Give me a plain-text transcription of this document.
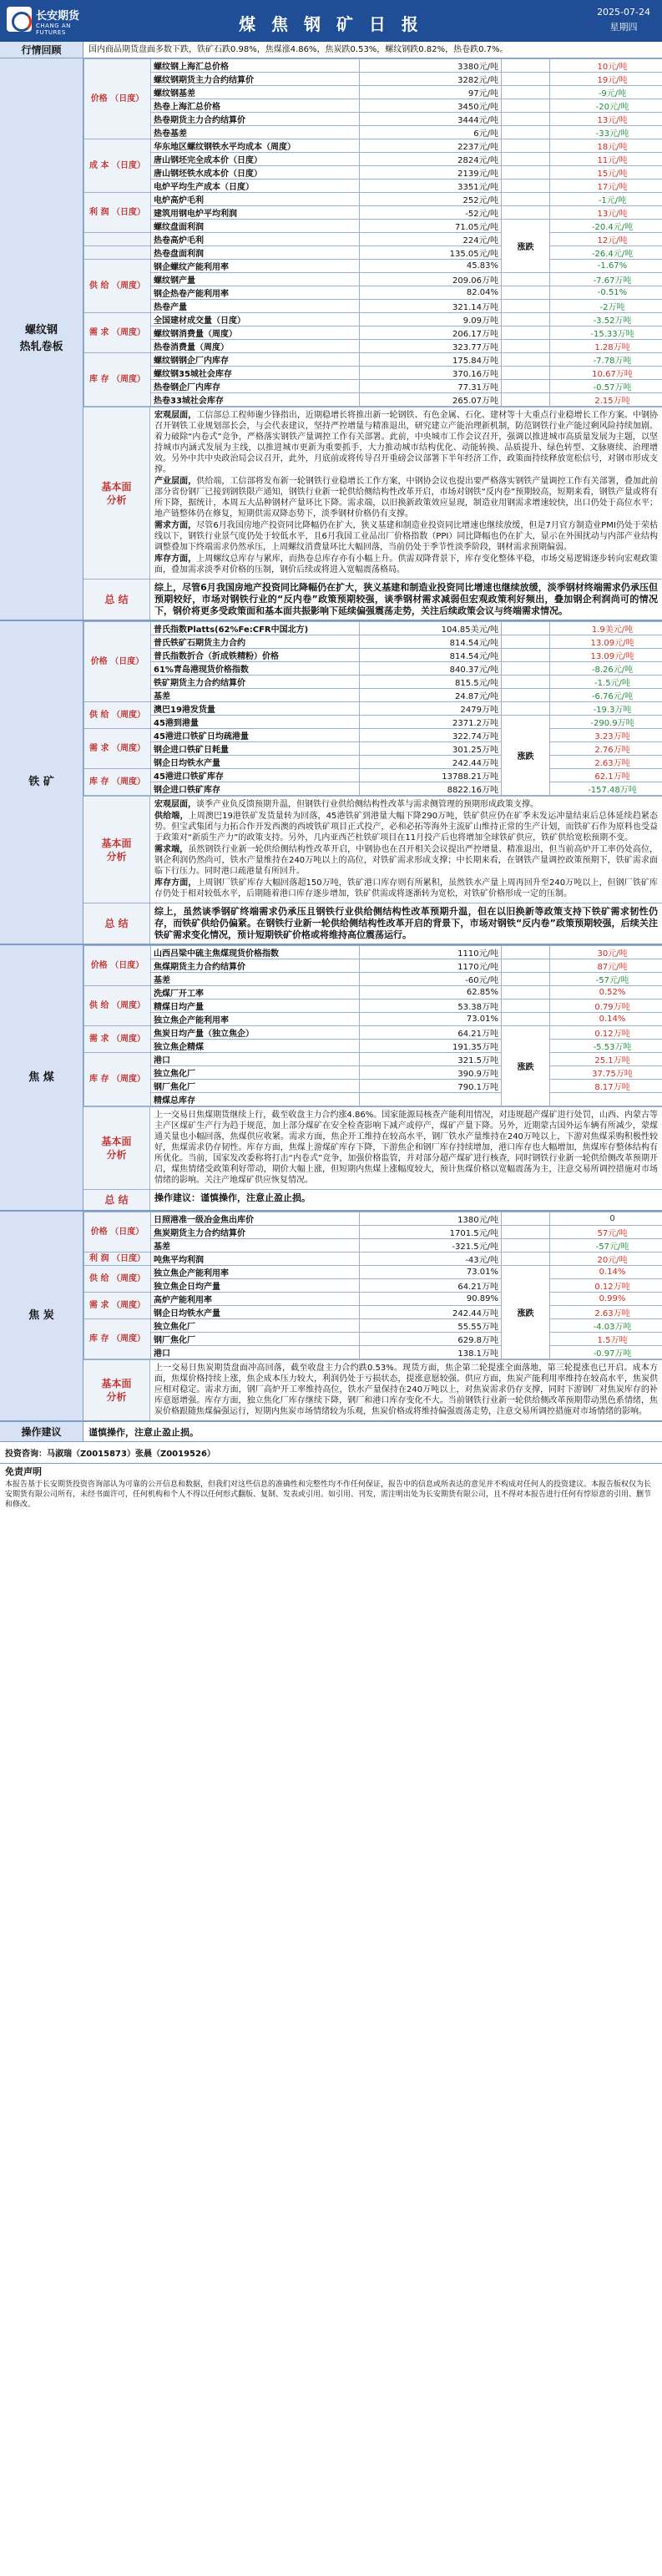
长安期货
CHANG AN FUTURES	煤 焦 钢 矿 日 报
2025-07-24
星期四
行情回顾	国内商品期货盘面多数下跌，铁矿石跌0.98%，焦煤涨4.86%，焦炭跌0.53%，螺纹钢跌0.82%，热卷跌0.7%。
螺纹钢
热轧卷板
价格 （日度）	螺纹钢上海汇总价格	3380元/吨		10元/吨
	螺纹钢期货主力合约结算价	3282元/吨		19元/吨
	螺纹钢基差	97元/吨		-9元/吨
	热卷上海汇总价格	3450元/吨		-20元/吨
	热卷期货主力合约结算价	3444元/吨		13元/吨
	热卷基差	6元/吨		-33元/吨
成 本 （日度）	华东地区螺纹钢铁水平均成本（周度）	2237元/吨		18元/吨
	唐山钢坯完全成本价（日度）	2824元/吨		11元/吨
	唐山钢坯铁水成本价（日度）	2139元/吨		15元/吨
	电炉平均生产成本（日度）	3351元/吨		17元/吨
利 润 （日度）	电炉高炉毛利	252元/吨		-1元/吨
	建筑用钢电炉平均利润	-52元/吨		13元/吨
	螺纹盘面利润	71.05元/吨	涨跌	-20.4元/吨
	热卷高炉毛利	224元/吨		12元/吨
	热卷盘面利润	135.05元/吨		-26.4元/吨
供 给 （周度）	钢企螺纹产能利用率	45.83%		-1.67%
	螺纹钢产量	209.06万吨		-7.67万吨
	钢企热卷产能利用率	82.04%		-0.51%
	热卷产量	321.14万吨		-2万吨
需 求 （周度）	全国建材成交量（日度）	9.09万吨		-3.52万吨
	螺纹钢消费量（周度）	206.17万吨		-15.33万吨
	热卷消费量（周度）	323.77万吨		1.28万吨
库 存 （周度）	螺纹钢钢企厂内库存	175.84万吨		-7.78万吨
	螺纹钢35城社会库存	370.16万吨		10.67万吨
	热卷钢企厂内库存	77.31万吨		-0.57万吨
	热卷33城社会库存	265.07万吨		2.15万吨
基本面
分析

宏观层面，工信部总工程师谢少锋指出，近期稳增长将推出新一轮钢铁、有色金属、石化、建材等十大重点行业稳增长工作方案。中钢协召开钢铁工业规划部长会，与会代表建议，坚持严控增量与精准退出，研究建立产能治理新机制，防范钢铁行业产能过剩风险持续加剧。着力破除“内卷式”竞争，严格落实钢铁产量调控工作有关部署。此前，中央城市工作会议召开，强调以推进城市高质量发展为主题，以坚持城市内涵式发展为主线，以推进城市更新为重要抓手，大力推动城市结构优化、动能转换、品质提升、绿色转型、文脉赓续、治理增效。另外中共中央政治局会议召开，此外，月底前或将传导召开重磅会议部署下半年经济工作，政策面持续释放宽松信号，对钢市形成支撑。

产业层面，供给端，工信部将发布新一轮钢铁行业稳增长工作方案，中钢协会议也提出要严格落实钢铁产量调控工作有关部署，叠加此前部分省份钢厂已接到钢铁限产通知，钢铁行业新一轮供给侧结构性改革开启，市场对钢铁“反内卷”预期较高，短期来看，钢铁产量或将有所下降，据统计，本周五大品种钢材产量环比下降。需求端，以旧换新政策效应显现，制造业用钢需求增速较快，出口仍处于高位水平；地产链整体仍在修复，短期供需双降态势下，淡季钢材价格仍有支撑。

需求方面，尽管6月我国房地产投资同比降幅仍在扩大，狭义基建和制造业投资同比增速也继续放缓，但是7月官方制造业PMI仍处于荣枯线以下，钢铁行业景气度仍处于较低水平，且6月我国工业品出厂价格指数（PPI）同比降幅也仍在扩大，显示在外围扰动与内部产业结构调整叠加下终端需求仍然承压，上周螺纹消费量环比大幅回落，当前仍处于季节性淡季阶段，钢材需求预期偏弱。

库存方面，上周螺纹总库存与累库，而热卷总库存亦有小幅上升。供需双降背景下，库存变化整体平稳，市场交易逻辑逐步转向宏观政策面，叠加需求淡季对价格的压制，钢价后续或将进入宽幅震荡格局。

总 结
综上，尽管6月我国房地产投资同比降幅仍在扩大，狭义基建和制造业投资同比增速也继续放缓，淡季钢材终端需求仍承压但预期较好，市场对钢铁行业的“反内卷”政策预期较强，谈季钢材需求减弱但宏观政策利好频出，叠加钢企利润尚可的情况下，钢价将更多受政策面和基本面共振影响下延续偏强震荡走势，关注后续政策会议与终端需求情况。
铁 矿
价格 （日度）	普氏指数Platts(62%Fe:CFR中国北方)	104.85美元/吨		1.9美元/吨
	普氏铁矿石期货主力合约	814.54元/吨		13.09元/吨
	普氏指数折合（折成铁精粉）价格	814.54元/吨		13.09元/吨
	61%青岛港现货价格指数	840.37元/吨		-8.26元/吨
	铁矿期货主力合约结算价	815.5元/吨		-1.5元/吨
	基差	24.87元/吨		-6.76元/吨
供 给 （周度）	澳巴19港发货量	2479万吨		-19.3万吨
	45港到港量	2371.2万吨	涨跌	-290.9万吨
需 求 （周度）	45港进口铁矿日均疏港量	322.74万吨		3.23万吨
	钢企进口铁矿日耗量	301.25万吨		2.76万吨
	钢企日均铁水产量	242.44万吨		2.63万吨
库 存 （周度）	45港进口铁矿库存	13788.21万吨		62.1万吨
	钢企进口铁矿库存	8822.16万吨		-157.48万吨
基本面
分析

宏观层面，谈季产业负反馈预期升温，但钢铁行业供给侧结构性改革与需求侧管理的预期形成政策支撑。

供给端，上周澳巴19港铁矿发货量转为回落，45港铁矿到港量大幅下降290万吨，铁矿供应仍在矿季末发运冲量结束后总体延续趋紧态势。但宝武集团与力拓合作开发西澳的西坡铁矿项目正式投产，必和必拓等海外主流矿山维持正常的生产计划，而铁矿石作为原料也受益于政策对“新质生产力”的政策支持。另外，几内亚西芒杜铁矿项目在11月投产后也将增加全球铁矿供应，铁矿供给宽松预期不变。

需求端，虽然钢铁行业新一轮供给侧结构性改革开启，中钢协也在召开相关会议提出严控增量、精准退出，但当前高炉开工率仍处高位，钢企利润仍然尚可，铁水产量维持在240万吨以上的高位，对铁矿需求形成支撑；中长期来看，在钢铁产量调控政策预期下，铁矿需求面临下行压力。同时港口疏港量有所回升。

库存方面，上周钢厂铁矿库存大幅回落超150万吨，铁矿港口库存则有所累积，虽然铁水产量上周再回升至240万吨以上，但钢厂铁矿库存仍处于相对较低水平，后期随着港口库存逐步增加，铁矿供需或将逐渐转为宽松，对铁矿价格形成一定的压制。

总 结
综上，虽然谈季钢矿终端需求仍承压且钢铁行业供给侧结构性改革预期升温，但在以旧换新等政策支持下铁矿需求韧性仍存，而铁矿供给仍偏紧。在钢铁行业新一轮供给侧结构性改革开启的背景下，市场对钢铁“反内卷”政策预期较强，后续关注铁矿需求变化情况，预计短期铁矿价格或将维持高位震荡运行。
焦 煤
价格 （日度）	山西吕梁中硫主焦煤现货价格指数	1110元/吨		30元/吨
	焦煤期货主力合约结算价	1170元/吨		87元/吨
	基差	-60元/吨		-57元/吨
供 给 （周度）	洗煤厂开工率	62.85%		0.52%
	精煤日均产量	53.38万吨		0.79万吨
	独立焦企产能利用率	73.01%		0.14%
需 求 （周度）	焦炭日均产量（独立焦企）	64.21万吨	涨跌	0.12万吨
	独立焦企精煤	191.35万吨		-5.53万吨
库 存 （周度）	港口	321.5万吨		25.1万吨
	独立焦化厂	390.9万吨		37.75万吨
	钢厂焦化厂	790.1万吨		8.17万吨
	精煤总库存			
基本面
分析

上一交易日焦煤期货继续上行，截至收盘主力合约涨4.86%。国家能源局核查产能利用情况，对违规超产煤矿进行处罚，山西、内蒙古等主产区煤矿生产行为趋于规范，加上部分煤矿在安全检查影响下减产或停产，煤矿产量下降。另外，近期蒙古国外运车辆有所减少，蒙煤通关量也小幅回落，焦煤供应收紧。需求方面，焦企开工维持在较高水平，钢厂铁水产量维持在240万吨以上，下游对焦煤采购积极性较好，焦煤需求仍存韧性。库存方面，焦煤上游煤矿库存下降，下游焦企和钢厂库存持续增加，港口库存也大幅增加，焦煤库存整体结构有所优化。当前，国家发改委称将打击“内卷式”竞争，加强价格监管，并对部分超产煤矿进行核查，同时钢铁行业新一轮供给侧改革预期开启，煤焦情绪受政策利好带动，期价大幅上涨，但短期内焦煤上涨幅度较大，预计焦煤价格以宽幅震荡为主，注意交易所调控措施对市场情绪的影响。关注产地煤矿供应恢复情况。

总 结	操作建议：谨慎操作，注意止盈止损。
焦 炭
价格 （日度）	日照港准一级冶金焦出库价	1380元/吨		0
	焦炭期货主力合约结算价	1701.5元/吨		57元/吨
	基差	-321.5元/吨		-57元/吨
利 润 （日度）	吨焦平均利润	-43元/吨		20元/吨
供 给 （周度）	独立焦企产能利用率	73.01%	涨跌	0.14%
	独立焦企日均产量	64.21万吨		0.12万吨
需 求 （周度）	高炉产能利用率	90.89%		0.99%
	钢企日均铁水产量	242.44万吨		2.63万吨
库 存 （周度）	独立焦化厂	55.55万吨		-4.03万吨
	钢厂焦化厂	629.8万吨		1.5万吨
	港口	138.1万吨		-0.97万吨
基本面
分析

上一交易日焦炭期货盘面冲高回落，截至收盘主力合约跌0.53%。现货方面，焦企第二轮提涨全面落地，第三轮提涨也已开启。成本方面，焦煤价格持续上涨，焦企成本压力较大，利润仍处于亏损状态，提涨意愿较强。供应方面，焦炭产能利用率维持在较高水平，焦炭供应相对稳定。需求方面，钢厂高炉开工率维持高位，铁水产量保持在240万吨以上，对焦炭需求仍存支撑，同时下游钢厂对焦炭库存的补库意愿增强。库存方面，独立焦化厂库存继续下降，钢厂和港口库存变化不大。当前钢铁行业新一轮供给侧改革预期带动黑色系情绪，焦炭价格跟随焦煤偏强运行，短期内焦炭市场情绪较为乐观，焦炭价格或将维持偏强震荡走势，注意交易所调控措施对市场情绪的影响。

操作建议	谨慎操作，注意止盈止损。
投资咨询：马淑瑞（Z0015873）张晨（Z0019526）
免责声明
本报告基于长安期货投资咨询部认为可靠的公开信息和数据，但我们对这些信息的准确性和完整性均不作任何保证，报告中的信息或所表达的意见并不构成对任何人的投资建议。本报告版权仅为长安期货有限公司所有，未经书面许可，任何机构和个人不得以任何形式翻版、复制、发表或引用。如引用、刊发，需注明出处为长安期货有限公司，且不得对本报告进行任何有悖原意的引用、删节和修改。
